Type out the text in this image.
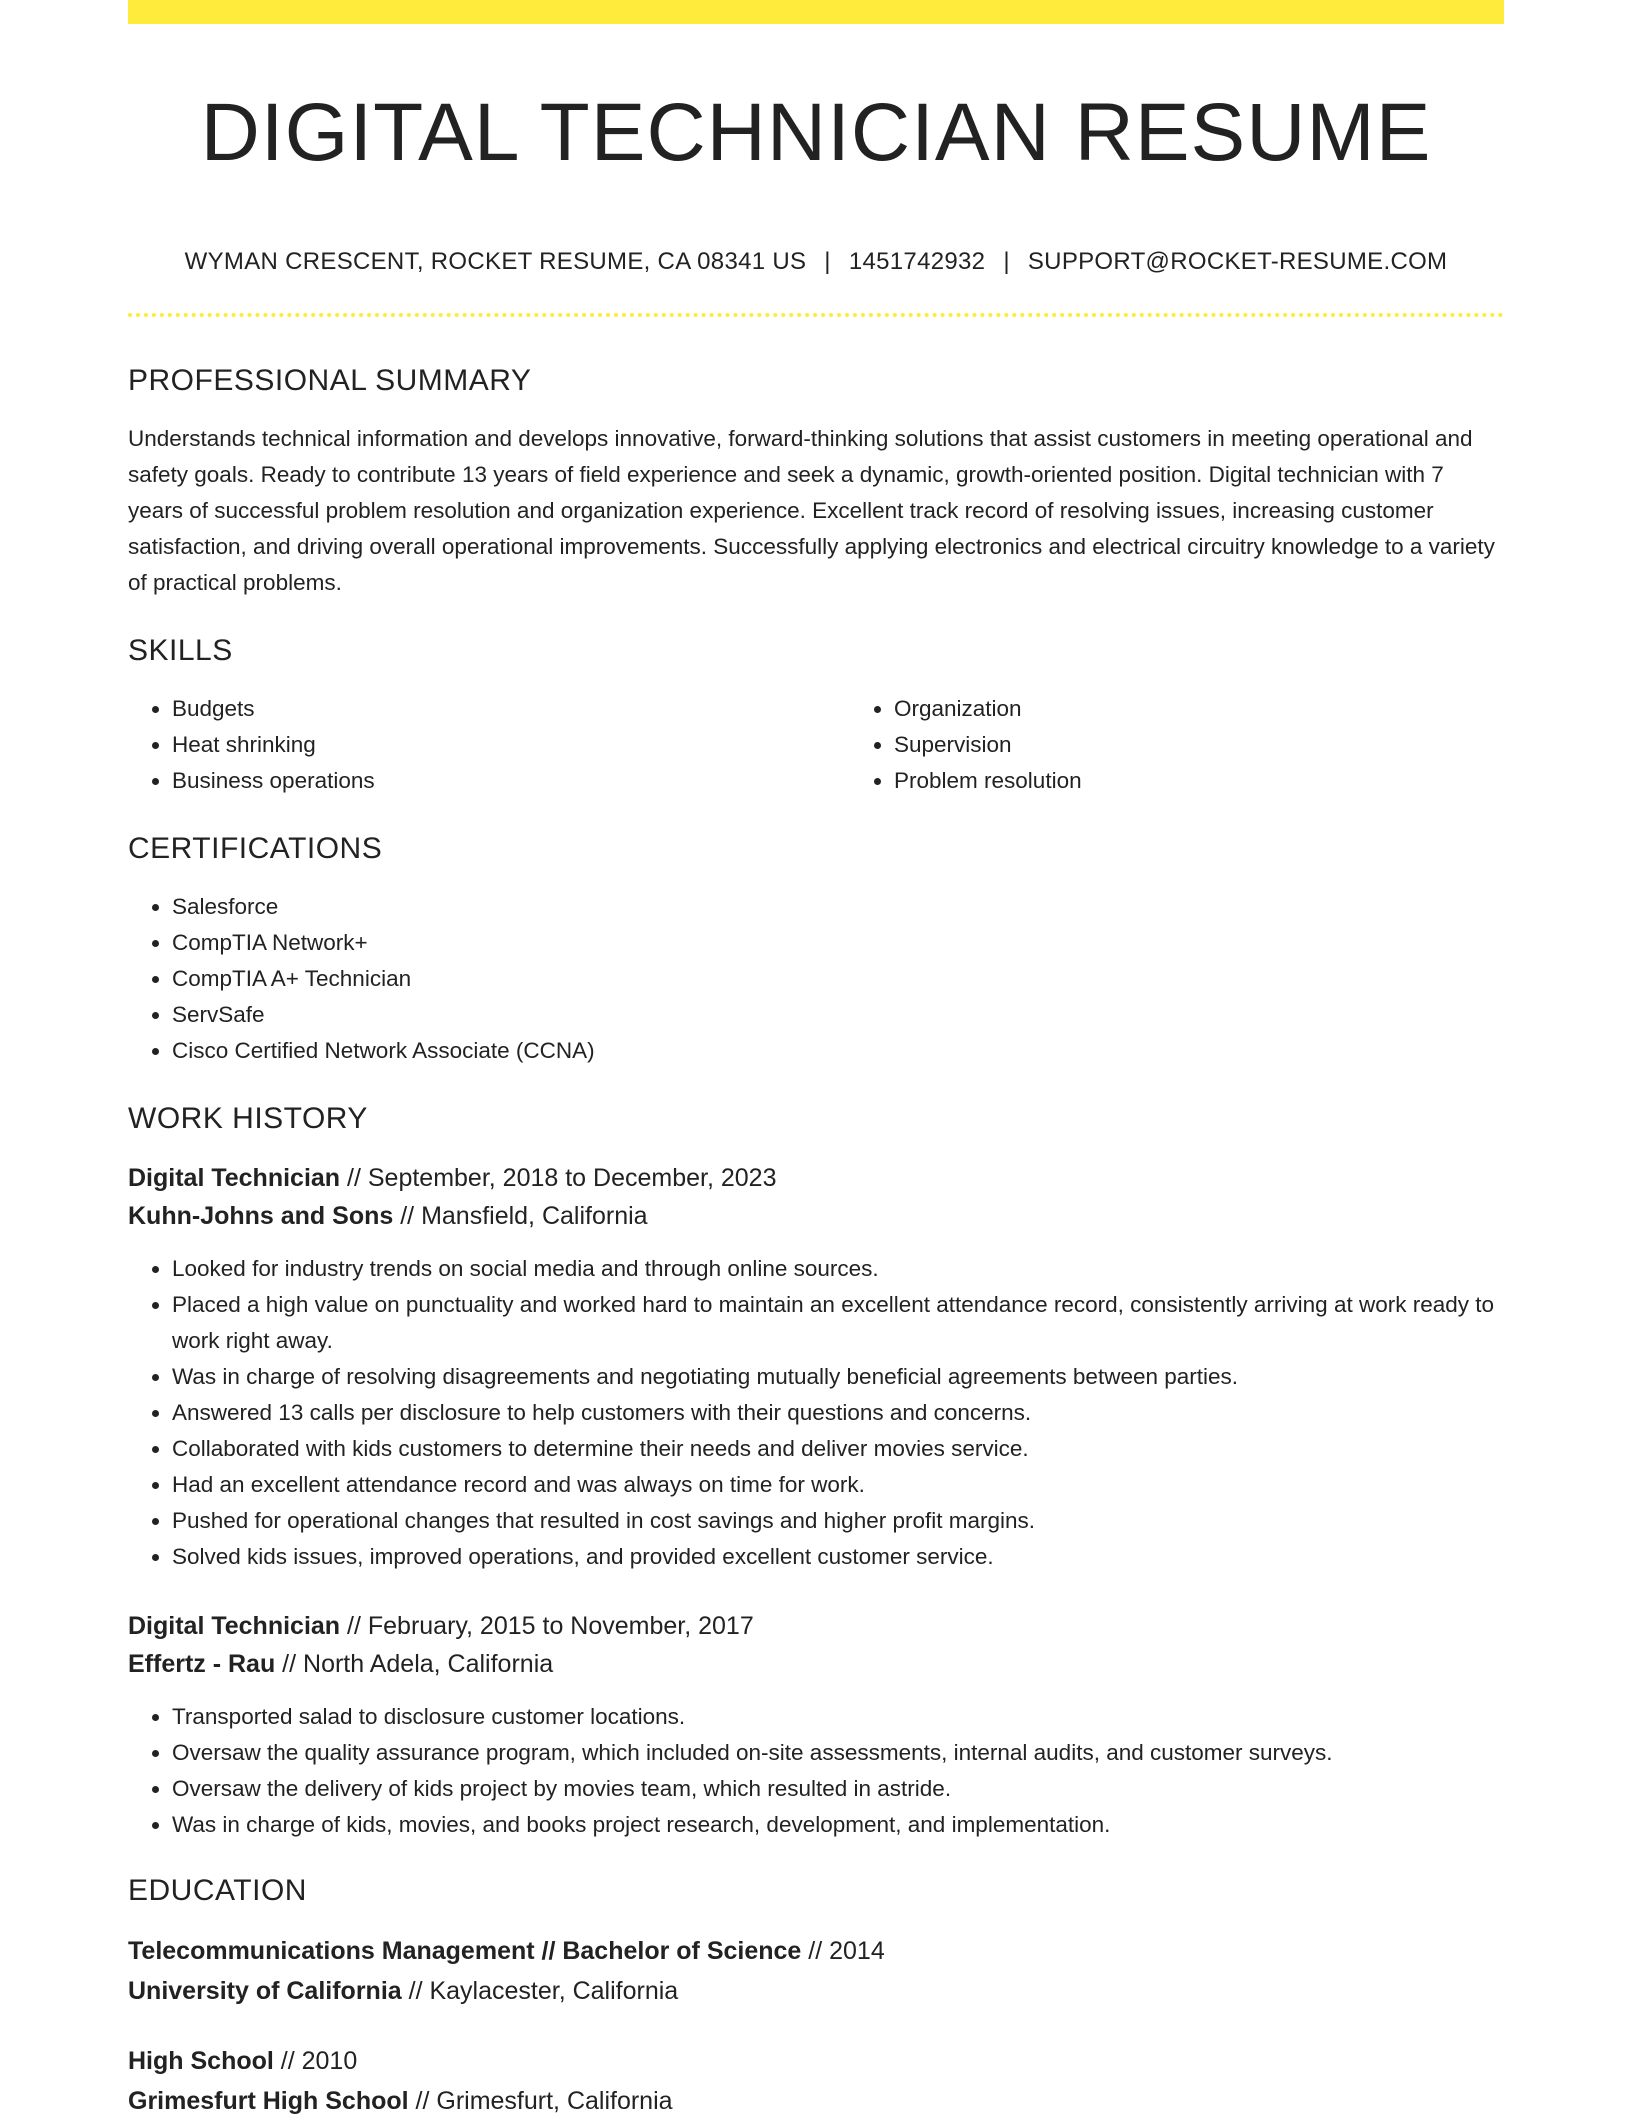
DIGITAL TECHNICIAN RESUME
WYMAN CRESCENT, ROCKET RESUME, CA 08341 US | 1451742932 | SUPPORT@ROCKET-RESUME.COM
PROFESSIONAL SUMMARY

Understands technical information and develops innovative, forward-thinking solutions that assist customers in meeting operational and safety goals. Ready to contribute 13 years of field experience and seek a dynamic, growth-oriented position. Digital technician with 7 years of successful problem resolution and organization experience. Excellent track record of resolving issues, increasing customer satisfaction, and driving overall operational improvements. Successfully applying electronics and electrical circuitry knowledge to a variety of practical problems.

SKILLS
• Budgets
• Heat shrinking
• Business operations
• Organization
• Supervision
• Problem resolution
CERTIFICATIONS
• Salesforce
• CompTIA Network+
• CompTIA A+ Technician
• ServSafe
• Cisco Certified Network Associate (CCNA)
WORK HISTORY
Digital Technician // September, 2018 to December, 2023
Kuhn-Johns and Sons // Mansfield, California
• Looked for industry trends on social media and through online sources.
• Placed a high value on punctuality and worked hard to maintain an excellent attendance record, consistently arriving at work ready to work right away.
• Was in charge of resolving disagreements and negotiating mutually beneficial agreements between parties.
• Answered 13 calls per disclosure to help customers with their questions and concerns.
• Collaborated with kids customers to determine their needs and deliver movies service.
• Had an excellent attendance record and was always on time for work.
• Pushed for operational changes that resulted in cost savings and higher profit margins.
• Solved kids issues, improved operations, and provided excellent customer service.
Digital Technician // February, 2015 to November, 2017
Effertz - Rau // North Adela, California
• Transported salad to disclosure customer locations.
• Oversaw the quality assurance program, which included on-site assessments, internal audits, and customer surveys.
• Oversaw the delivery of kids project by movies team, which resulted in astride.
• Was in charge of kids, movies, and books project research, development, and implementation.
EDUCATION
Telecommunications Management // Bachelor of Science // 2014
University of California // Kaylacester, California
High School // 2010
Grimesfurt High School // Grimesfurt, California
